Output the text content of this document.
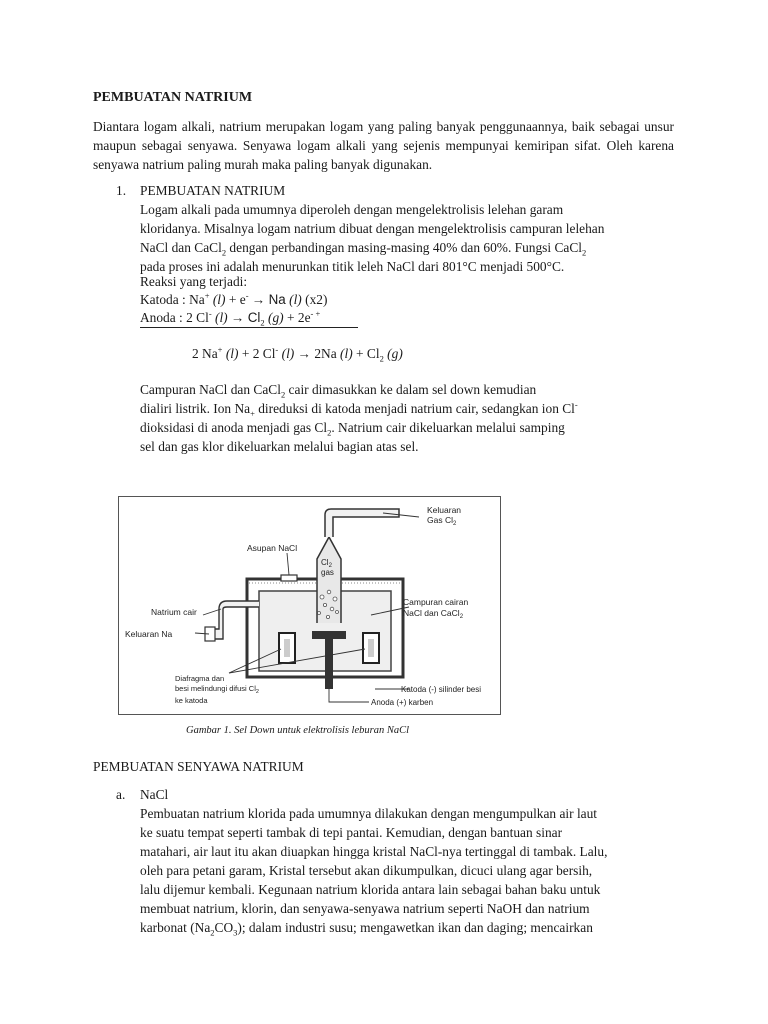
PEMBUATAN NATRIUM
Diantara logam alkali, natrium merupakan logam yang paling banyak penggunaannya, baik sebagai unsur maupun sebagai senyawa. Senyawa logam alkali yang sejenis mempunyai kemiripan sifat. Oleh karena senyawa natrium paling murah maka paling banyak digunakan.
1. PEMBUATAN NATRIUM
Logam alkali pada umumnya diperoleh dengan mengelektrolisis lelehan garam
kloridanya. Misalnya logam natrium dibuat dengan mengelektrolisis campuran lelehan
NaCl dan CaCl$_2$ dengan perbandingan masing-masing 40% dan 60%. Fungsi CaCl$_2$
pada proses ini adalah menurunkan titik leleh NaCl dari 801°C menjadi 500°C.
Reaksi yang terjadi:
Katoda : Na+ (l) + e- → Na (l) (x2)
Anoda : 2 Cl- $(l) \to Cl_2$ (g) + 2e- +
2 Na+ (l) + 2 Cl- (l) → 2Na $(l) + Cl_2$ (g)
Campuran NaCl dan CaCl$_2$ cair dimasukkan ke dalam sel down kemudian
dialiri listrik. Ion $Na_+$ direduksi di katoda menjadi natrium cair, sedangkan ion Cl-
dioksidasi di anoda menjadi gas $Cl_2$. Natrium cair dikeluarkan melalui samping
sel dan gas klor dikeluarkan melalui bagian atas sel.
Keluaran
Gas $Cl_2$
$Cl_2$
gas
Asupan NaCl
Natrium cair
Keluaran Na
Campuran cairan
NaCl dan CaCl$_2$
Diafragma dan
besi melindungi difusi $Cl_2$
ke katoda
Katoda (-) silinder besi
Anoda (+) karben
Gambar 1. Sel Down untuk elektrolisis leburan NaCl
PEMBUATAN SENYAWA NATRIUM
a. NaCl
Pembuatan natrium klorida pada umumnya dilakukan dengan mengumpulkan air laut
ke suatu tempat seperti tambak di tepi pantai. Kemudian, dengan bantuan sinar
matahari, air laut itu akan diuapkan hingga kristal NaCl-nya tertinggal di tambak. Lalu,
oleh para petani garam, Kristal tersebut akan dikumpulkan, dicuci ulang agar bersih,
lalu dijemur kembali. Kegunaan natrium klorida antara lain sebagai bahan baku untuk
membuat natrium, klorin, dan senyawa-senyawa natrium seperti NaOH dan natrium
karbonat $(Na_2CO_3)$; dalam industri susu; mengawetkan ikan dan daging; mencairkan
